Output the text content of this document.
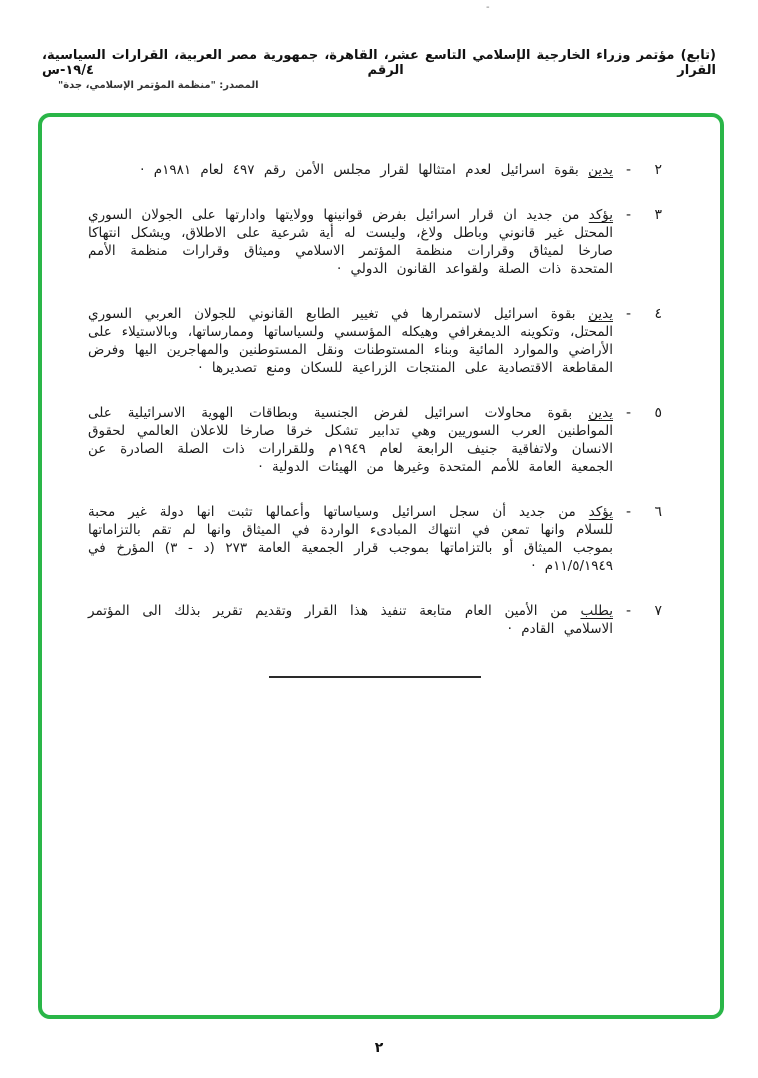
-
(تابع) مؤتمر وزراء الخارجية الإسلامي التاسع عشر، القاهرة، جمهورية مصر العربية، القرارات السياسية، القرار الرقم ١٩/٤-س
المصدر: "منظمة المؤتمر الإسلامي، جدة"
٢
-
يدين بقوة اسرائيل لعدم امتثالها لقرار مجلس الأمن رقم ٤٩٧ لعام ١٩٨١م ·
٣
-
يؤكد من جديد ان قرار اسرائيل بفرض قوانينها وولايتها وادارتها على الجولان السوري المحتل غير قانوني وباطل ولاغ، وليست له أية شرعية على الاطلاق، ويشكل انتهاكا صارخا لميثاق وقرارات منظمة المؤتمر الاسلامي وميثاق وقرارات منظمة الأمم المتحدة ذات الصلة ولقواعد القانون الدولي ·
٤
-
يدين بقوة اسرائيل لاستمرارها في تغيير الطابع القانوني للجولان العربي السوري المحتل، وتكوينه الديمغرافي وهيكله المؤسسي ولسياساتها وممارساتها، وبالاستيلاء على الأراضي والموارد المائية وبناء المستوطنات ونقل المستوطنين والمهاجرين اليها وفرض المقاطعة الاقتصادية على المنتجات الزراعية للسكان ومنع تصديرها ·
٥
-
يدين بقوة محاولات اسرائيل لفرض الجنسية وبطاقات الهوية الاسرائيلية على المواطنين العرب السوريين وهي تدابير تشكل خرقا صارخا للاعلان العالمي لحقوق الانسان ولاتفاقية جنيف الرابعة لعام ١٩٤٩م وللقرارات ذات الصلة الصادرة عن الجمعية العامة للأمم المتحدة وغيرها من الهيئات الدولية ·
٦
-
يؤكد من جديد أن سجل اسرائيل وسياساتها وأعمالها تثبت انها دولة غير محبة للسلام وانها تمعن في انتهاك المبادىء الواردة في الميثاق وانها لم تقم بالتزاماتها بموجب الميثاق أو بالتزاماتها بموجب قرار الجمعية العامة ٢٧٣ (د - ٣) المؤرخ في ١١/٥/١٩٤٩م ·
٧
-
يطلب من الأمين العام متابعة تنفيذ هذا القرار وتقديم تقرير بذلك الى المؤتمر الاسلامي القادم ·
٢
